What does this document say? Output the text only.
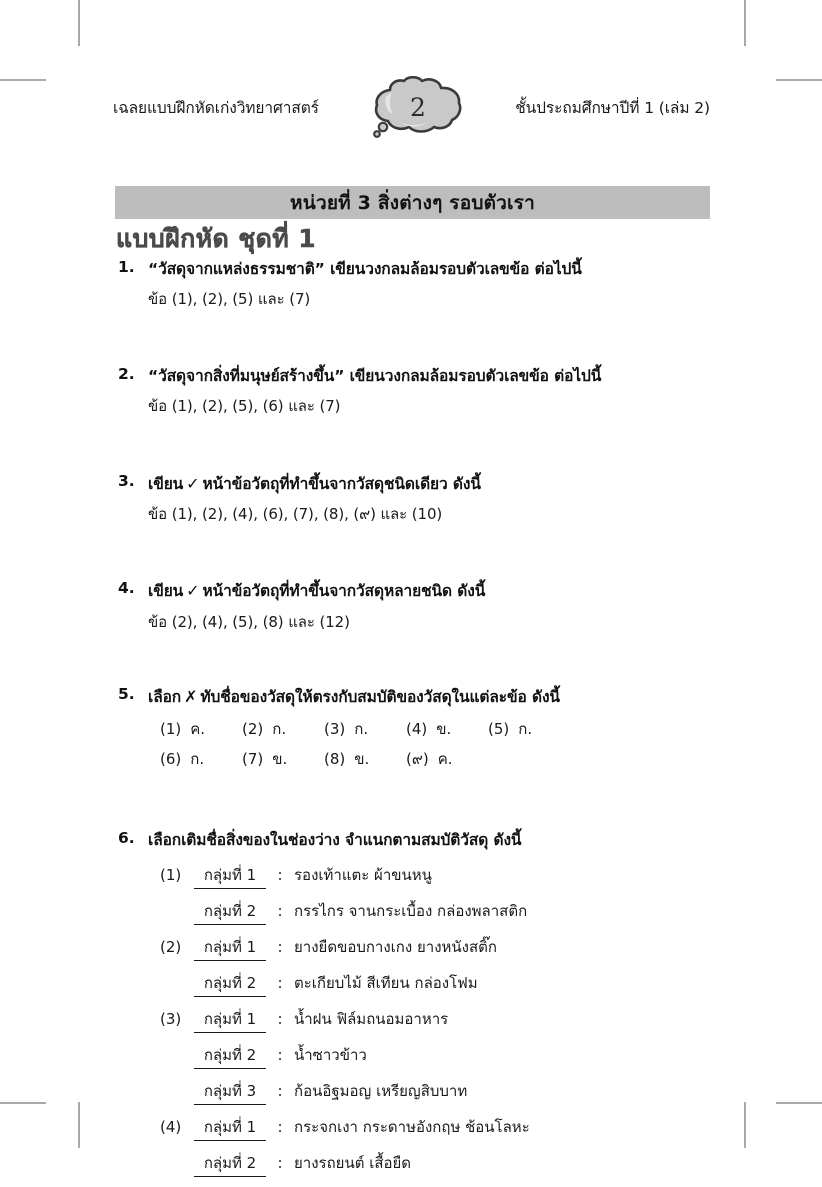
เฉลยแบบฝึกหัดเก่งวิทยาศาสตร์	2	ชั้นประถมศึกษาปีที่ 1 (เล่ม 2)
หน่วยที่ 3 สิ่งต่างๆ รอบตัวเรา
แบบฝึกหัด ชุดที่ 1
1. “วัสดุจากแหล่งธรรมชาติ” เขียนวงกลมล้อมรอบตัวเลขข้อ ต่อไปนี้
ข้อ (1), (2), (5) และ (7)
2. “วัสดุจากสิ่งที่มนุษย์สร้างขึ้น” เขียนวงกลมล้อมรอบตัวเลขข้อ ต่อไปนี้
ข้อ (1), (2), (5), (6) และ (7)
3. เขียน ✓ หน้าข้อวัตถุที่ทำขึ้นจากวัสดุชนิดเดียว ดังนี้
ข้อ (1), (2), (4), (6), (7), (8), (๙) และ (10)
4. เขียน ✓ หน้าข้อวัตถุที่ทำขึ้นจากวัสดุหลายชนิด ดังนี้
ข้อ (2), (4), (5), (8) และ (12)
5. เลือก ✗ ทับชื่อของวัสดุให้ตรงกับสมบัติของวัสดุในแต่ละข้อ ดังนี้
(1) ค.	(2) ก.	(3) ก.	(4) ข.	(5) ก.
(6) ก.	(7) ข.	(8) ข.	(๙) ค.
6. เลือกเติมชื่อสิ่งของในช่องว่าง จำแนกตามสมบัติวัสดุ ดังนี้
(1)	กลุ่มที่ 1	: รองเท้าแตะ ผ้าขนหนู
กลุ่มที่ 2	: กรรไกร จานกระเบื้อง กล่องพลาสติก
(2)	กลุ่มที่ 1	: ยางยืดขอบกางเกง ยางหนังสติ๊ก
กลุ่มที่ 2	: ตะเกียบไม้ สีเทียน กล่องโฟม
(3)	กลุ่มที่ 1	: น้ำฝน ฟิล์มถนอมอาหาร
กลุ่มที่ 2	: น้ำซาวข้าว
กลุ่มที่ 3	: ก้อนอิฐมอญ เหรียญสิบบาท
(4)	กลุ่มที่ 1	: กระจกเงา กระดาษอังกฤษ ช้อนโลหะ
กลุ่มที่ 2	: ยางรถยนต์ เสื้อยืด
